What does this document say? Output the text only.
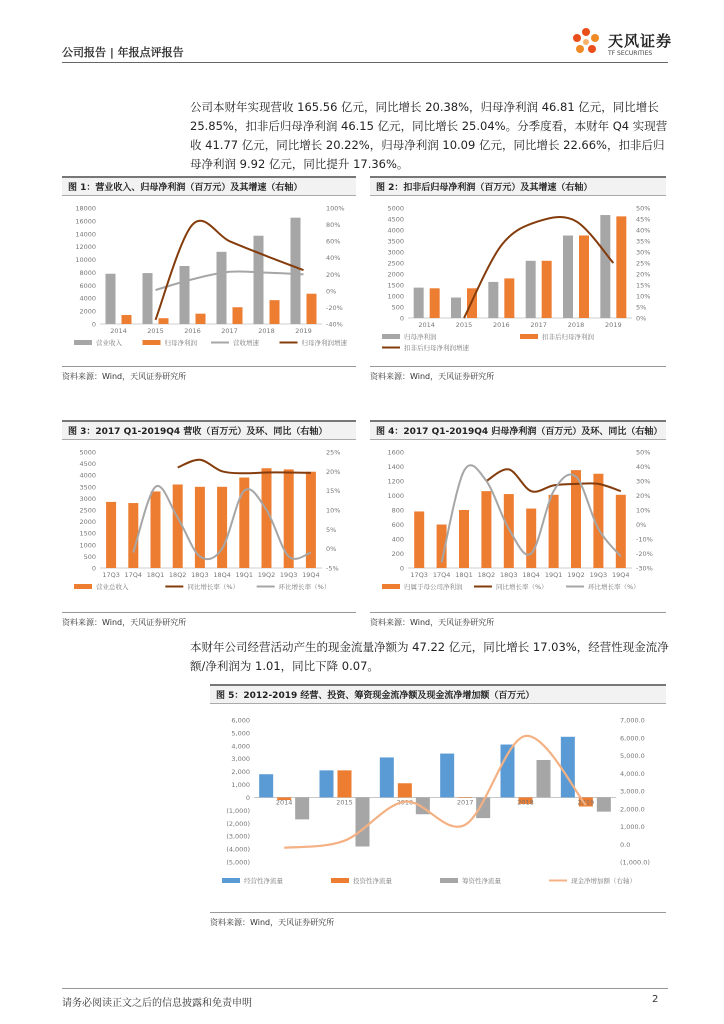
公司报告 | 年报点评报告
天风证券
TF SECURITIES
公司本财年实现营收 165.56 亿元，同比增长 20.38%，归母净利润 46.81 亿元，同比增长 25.85%，扣非后归母净利润 46.15 亿元，同比增长 25.04%。分季度看，本财年 Q4 实现营收 41.77 亿元，同比增长 20.22%，归母净利润 10.09 亿元，同比增长 22.66%，扣非后归母净利润 9.92 亿元，同比提升 17.36%。
图 1：营业收入、归母净利润（百万元）及其增速（右轴）
0
2000
4000
6000
8000
10000
12000
14000
16000
18000
-40%
-20%
0%
20%
40%
60%
80%
100%
2014	2015	2016	2017	2018	2019
营业收入	归母净利润	营收增速	归母净利润增速
资料来源：Wind，天风证券研究所
图 2：扣非后归母净利润（百万元）及其增速（右轴）
0
500
1000
1500
2000
2500
3000
3500
4000
4500
5000
0%
5%
10%
15%
20%
25%
30%
35%
40%
45%
50%
2014	2015	2016	2017	2018	2019
归母净利润	扣非后归母净利润
扣非后归母净利润增速
资料来源：Wind，天风证券研究所
图 3：2017 Q1-2019Q4 营收（百万元）及环、同比（右轴）
0
500
1000
1500
2000
2500
3000
3500
4000
4500
5000
-5%
0%
5%
10%
15%
20%
25%
17Q3 17Q4 18Q1 18Q2 18Q3 18Q4 19Q1 19Q2 19Q3 19Q4
营业总收入	同比增长率（%）	环比增长率（%）
资料来源：Wind，天风证券研究所
图 4：2017 Q1-2019Q4 归母净利润（百万元）及环、同比（右轴）
0
200
400
600
800
1000
1200
1400
1600
-30%
-20%
-10%
0%
10%
20%
30%
40%
50%
17Q3 17Q4 18Q1 18Q2 18Q3 18Q4 19Q1 19Q2 19Q3 19Q4
归属于母公司净利润	同比增长率（%）	环比增长率（%）
资料来源：Wind，天风证券研究所
本财年公司经营活动产生的现金流量净额为 47.22 亿元，同比增长 17.03%，经营性现金流净额/净利润为 1.01，同比下降 0.07。
图 5：2012-2019 经营、投资、筹资现金流净额及现金流净增加额（百万元）
(5,000)
(4,000)
(3,000)
(2,000)
(1,000)
0
1,000
2,000
3,000
4,000
5,000
6,000
(1,000.0)
0.0
1,000.0
2,000.0
3,000.0
4,000.0
5,000.0
6,000.0
7,000.0
2014	2015	2016	2017	2018	2019
经营性净流量	投资性净流量	筹资性净流量	现金净增加额（右轴）
资料来源：Wind，天风证券研究所
请务必阅读正文之后的信息披露和免责申明	2
